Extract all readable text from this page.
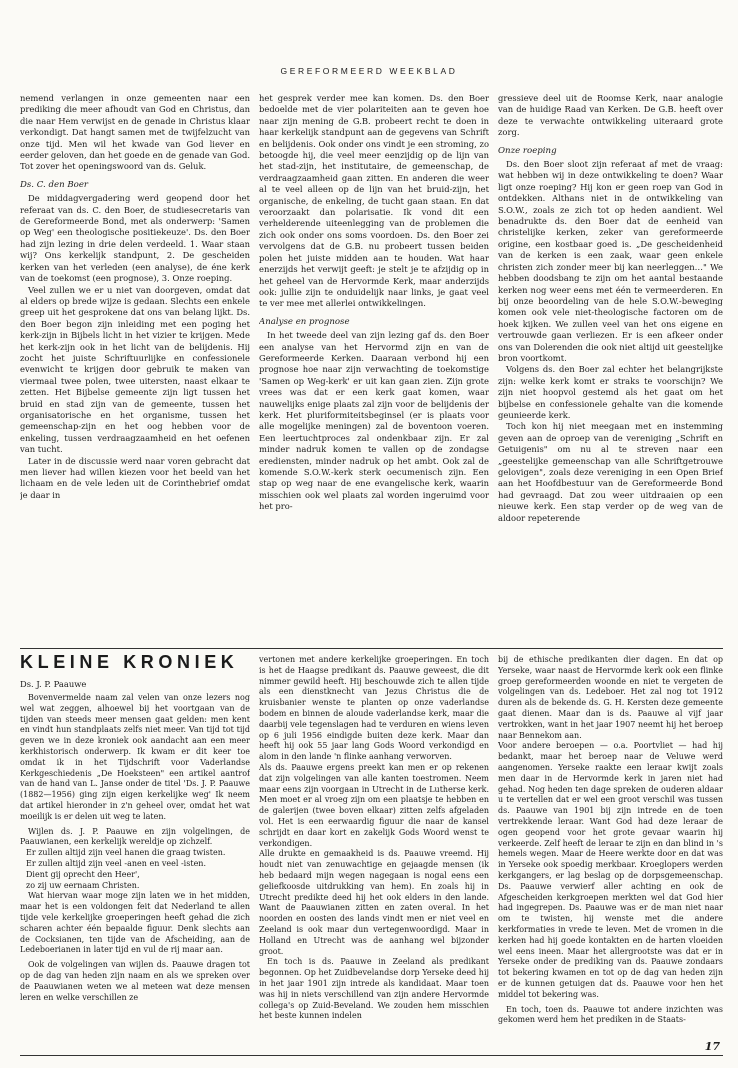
GEREFORMEERD WEEKBLAD

nemend verlangen in onze gemeenten naar een prediking die meer afhoudt van God en Christus, dan die naar Hem verwijst en de genade in Christus klaar verkondigt. Dat hangt samen met de twijfelzucht van onze tijd. Men wil het kwade van God liever en eerder geloven, dan het goede en de genade van God. Tot zover het openingswoord van ds. Geluk.

Ds. C. den Boer

De middagvergadering werd geopend door het referaat van ds. C. den Boer, de studiesecretaris van de Gereformeerde Bond, met als onderwerp: 'Samen op Weg' een theologische positiekeuze'. Ds. den Boer had zijn lezing in drie delen verdeeld. 1. Waar staan wij? Ons kerkelijk standpunt, 2. De gescheiden kerken van het verleden (een analyse), de éne kerk van de toekomst (een prognose), 3. Onze roeping.

Veel zullen we er u niet van doorgeven, omdat dat al elders op brede wijze is gedaan. Slechts een enkele greep uit het gesprokene dat ons van belang lijkt. Ds. den Boer begon zijn inleiding met een poging het kerk-zijn in Bijbels licht in het vizier te krijgen. Mede het kerk-zijn ook in het licht van de belijdenis. Hij zocht het juiste Schriftuurlijke en confessionele evenwicht te krijgen door gebruik te maken van viermaal twee polen, twee uitersten, naast elkaar te zetten. Het Bijbelse gemeente zijn ligt tussen het bruid en stad zijn van de gemeente, tussen het organisatorische en het organisme, tussen het gemeenschap-zijn en het oog hebben voor de enkeling, tussen verdraagzaamheid en het oefenen van tucht.

Later in de discussie werd naar voren gebracht dat men liever had willen kiezen voor het beeld van het lichaam en de vele leden uit de Corinthebrief omdat je daar in

het gesprek verder mee kan komen. Ds. den Boer bedoelde met de vier polariteiten aan te geven hoe naar zijn mening de G.B. probeert recht te doen in haar kerkelijk standpunt aan de gegevens van Schrift en belijdenis. Ook onder ons vindt je een stroming, zo betoogde hij, die veel meer eenzijdig op de lijn van het stad-zijn, het institutaire, de gemeenschap, de verdraagzaamheid gaan zitten. En anderen die weer al te veel alleen op de lijn van het bruid-zijn, het organische, de enkeling, de tucht gaan staan. En dat veroorzaakt dan polarisatie. Ik vond dit een verhelderende uiteenlegging van de problemen die zich ook onder ons soms voordoen. Ds. den Boer zei vervolgens dat de G.B. nu probeert tussen beiden polen het juiste midden aan te houden. Wat haar enerzijds het verwijt geeft: je stelt je te afzijdig op in het geheel van de Hervormde Kerk, maar anderzijds ook: jullie zijn te onduidelijk naar links, je gaat veel te ver mee met allerlei ontwikkelingen.

Analyse en prognose

In het tweede deel van zijn lezing gaf ds. den Boer een analyse van het Hervormd zijn en van de Gereformeerde Kerken. Daaraan verbond hij een prognose hoe naar zijn verwachting de toekomstige 'Samen op Weg-kerk' er uit kan gaan zien. Zijn grote vrees was dat er een kerk gaat komen, waar nauwelijks enige plaats zal zijn voor de belijdenis der kerk. Het pluriformiteitsbeginsel (er is plaats voor alle mogelijke meningen) zal de boventoon voeren. Een leertuchtproces zal ondenkbaar zijn. Er zal minder nadruk komen te vallen op de zondagse erediensten, minder nadruk op het ambt. Ook zal de komende S.O.W.-kerk sterk oecumenisch zijn. Een stap op weg naar de ene evangelische kerk, waarin misschien ook wel plaats zal worden ingeruimd voor het pro-

gressieve deel uit de Roomse Kerk, naar analogie van de huidige Raad van Kerken. De G.B. heeft over deze te verwachte ontwikkeling uiteraard grote zorg.

Onze roeping

Ds. den Boer sloot zijn referaat af met de vraag: wat hebben wij in deze ontwikkeling te doen? Waar ligt onze roeping? Hij kon er geen roep van God in ontdekken. Althans niet in de ontwikkeling van S.O.W., zoals ze zich tot op heden aandient. Wel benadrukte ds. den Boer dat de eenheid van christelijke kerken, zeker van gereformeerde origine, een kostbaar goed is. „De gescheidenheid van de kerken is een zaak, waar geen enkele christen zich zonder meer bij kan neerleggen…" We hebben doodsbang te zijn om het aantal bestaande kerken nog weer eens met één te vermeerderen. En bij onze beoordeling van de hele S.O.W.-beweging komen ook vele niet-theologische factoren om de hoek kijken. We zullen veel van het ons eigene en vertrouwde gaan verliezen. Er is een afkeer onder ons van Dolerenden die ook niet altijd uit geestelijke bron voortkomt.

Volgens ds. den Boer zal echter het belangrijkste zijn: welke kerk komt er straks te voorschijn? We zijn niet hoopvol gestemd als het gaat om het bijbelse en confessionele gehalte van die komende geunieerde kerk.

Toch kon hij niet meegaan met en instemming geven aan de oproep van de vereniging „Schrift en Getuigenis" om nu al te streven naar een „geestelijke gemeenschap van alle Schriftgetrouwe gelovigen", zoals deze vereniging in een Open Brief aan het Hoofdbestuur van de Gereformeerde Bond had gevraagd. Dat zou weer uitdraaien op een nieuwe kerk. Een stap verder op de weg van de aldoor repeterende

KLEINE KRONIEK
Ds. J. P. Paauwe

Bovenvermelde naam zal velen van onze lezers nog wel wat zeggen, alhoewel bij het voortgaan van de tijden van steeds meer mensen gaat gelden: men kent en vindt hun standplaats zelfs niet meer. Van tijd tot tijd geven we in deze kroniek ook aandacht aan een meer kerkhistorisch onderwerp. Ik kwam er dit keer toe omdat ik in het Tijdschrift voor Vaderlandse Kerkgeschiedenis „De Hoeksteen" een artikel aantrof van de hand van L. Janse onder de titel 'Ds. J. P. Paauwe (1882—1956) ging zijn eigen kerkelijke weg' Ik neem dat artikel hieronder in z'n geheel over, omdat het wat moeilijk is er delen uit weg te laten.

Wijlen ds. J. P. Paauwe en zijn volgelingen, de Paauwianen, een kerkelijk wereldje op zichzelf.

Er zullen altijd zijn veel hanen die graag twisten.

Er zullen altijd zijn veel -anen en veel -isten.

Dient gij oprecht den Heer',

zo zij uw eernaam Christen.

Wat hiervan waar moge zijn laten we in het midden, maar het is een voldongen feit dat Nederland te allen tijde vele kerkelijke groeperingen heeft gehad die zich scharen achter één bepaalde figuur. Denk slechts aan de Cocksianen, ten tijde van de Afscheiding, aan de Ledeboerianen in later tijd en vul de rij maar aan.

Ook de volgelingen van wijlen ds. Paauwe dragen tot op de dag van heden zijn naam en als we spreken over de Paauwianen weten we al meteen wat deze mensen leren en welke verschillen ze

vertonen met andere kerkelijke groeperingen. En toch is het de Haagse predikant ds. Paauwe geweest, die dit nimmer gewild heeft. Hij beschouwde zich te allen tijde als een dienstknecht van Jezus Christus die de kruisbanier wenste te planten op onze vaderlandse bodem en binnen de aloude vaderlandse kerk, maar die daarbij vele tegenslagen had te verduren en wiens leven op 6 juli 1956 eindigde buiten deze kerk. Maar dan heeft hij ook 55 jaar lang Gods Woord verkondigd en alom in den lande 'n flinke aanhang verworven.

Als ds. Paauwe ergens preekt kan men er op rekenen dat zijn volgelingen van alle kanten toestromen. Neem maar eens zijn voorgaan in Utrecht in de Lutherse kerk. Men moet er al vroeg zijn om een plaatsje te hebben en de galerijen (twee boven elkaar) zitten zelfs afgeladen vol. Het is een eerwaardig figuur die naar de kansel schrijdt en daar kort en zakelijk Gods Woord wenst te verkondigen.

Alle drukte en gemaakheid is ds. Paauwe vreemd. Hij houdt niet van zenuwachtige en gejaagde mensen (ik heb bedaard mijn wegen nagegaan is nogal eens een geliefkoosde uitdrukking van hem). En zoals hij in Utrecht predikte deed hij het ook elders in den lande. Want de Paauwianen zitten en zaten overal. In het noorden en oosten des lands vindt men er niet veel en Zeeland is ook maar dun vertegenwoordigd. Maar in Holland en Utrecht was de aanhang wel bijzonder groot.

En toch is ds. Paauwe in Zeeland als predikant begonnen. Op het Zuidbevelandse dorp Yerseke deed hij in het jaar 1901 zijn intrede als kandidaat. Maar toen was hij in niets verschillend van zijn andere Hervormde collega's op Zuid-Beveland. We zouden hem misschien het beste kunnen indelen

bij de ethische predikanten dier dagen. En dat op Yerseke, waar naast de Hervormde kerk ook een flinke groep gereformeerden woonde en niet te vergeten de volgelingen van ds. Ledeboer. Het zal nog tot 1912 duren als de bekende ds. G. H. Kersten deze gemeente gaat dienen. Maar dan is ds. Paauwe al vijf jaar vertrokken, want in het jaar 1907 neemt hij het beroep naar Bennekom aan.

Voor andere beroepen — o.a. Poortvliet — had hij bedankt, maar het beroep naar de Veluwe werd aangenomen. Yerseke raakte een leraar kwijt zoals men daar in de Hervormde kerk in jaren niet had gehad. Nog heden ten dage spreken de ouderen aldaar u te vertellen dat er wel een groot verschil was tussen ds. Paauwe van 1901 bij zijn intrede en de toen vertrekkende leraar. Want God had deze leraar de ogen geopend voor het grote gevaar waarin hij verkeerde. Zelf heeft de leraar te zijn en dan blind in 's hemels wegen. Maar de Heere werkte door en dat was in Yerseke ook spoedig merkbaar. Kroeglopers werden kerkgangers, er lag beslag op de dorpsgemeenschap. Ds. Paauwe verwierf aller achting en ook de Afgescheiden kerkgroepen merkten wel dat God hier had ingegrepen. Ds. Paauwe was er de man niet naar om te twisten, hij wenste met die andere kerkformaties in vrede te leven. Met de vromen in die kerken had hij goede kontakten en de harten vloeiden wel eens ineen. Maar het allergrootste was dat er in Yerseke onder de prediking van ds. Paauwe zondaars tot bekering kwamen en tot op de dag van heden zijn er de kunnen getuigen dat ds. Paauwe voor hen het middel tot bekering was.

En toch, toen ds. Paauwe tot andere inzichten was gekomen werd hem het prediken in de Staats-

17
